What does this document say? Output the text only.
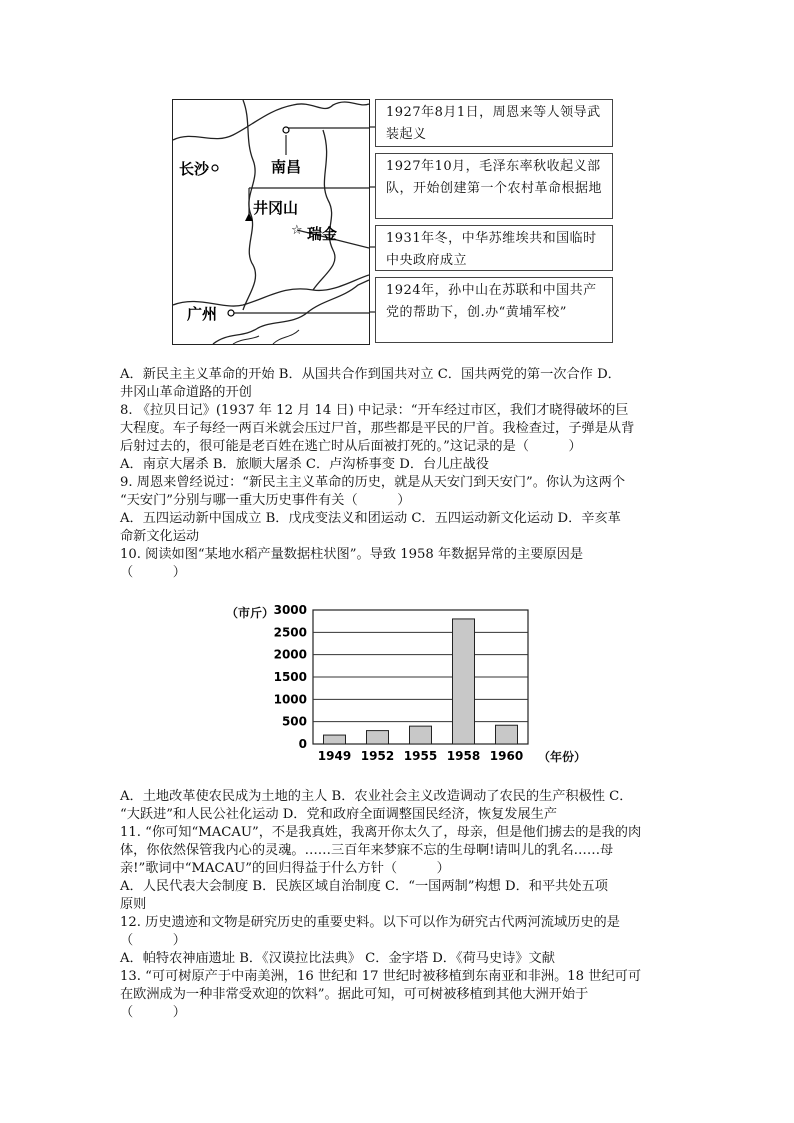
☆
长沙	南昌
井冈山
瑞金
广州
1927年8月1日，周恩来等人领导武装起义
1927年10月，毛泽东率秋收起义部队，开始创建第一个农村革命根据地
1931年冬，中华苏维埃共和国临时中央政府成立
1924年，孙中山在苏联和中国共产党的帮助下，创.办“黄埔军校”
A．新民主主义革命的开始 B．从国共合作到国共对立 C．国共两党的第一次合作 D．
井冈山革命道路的开创
8. 《拉贝日记》(1937 年 12 月 14 日) 中记录：“开车经过市区，我们才晓得破坏的巨
大程度。车子每经一两百米就会压过尸首，那些都是平民的尸首。我检查过，子弹是从背
后射过去的，很可能是老百姓在逃亡时从后面被打死的。”这记录的是（　　　）
A．南京大屠杀 B．旅顺大屠杀 C．卢沟桥事变 D．台儿庄战役
9. 周恩来曾经说过：“新民主主义革命的历史，就是从天安门到天安门”。你认为这两个
“天安门”分别与哪一重大历史事件有关（　　　）
A．五四运动新中国成立 B．戊戌变法义和团运动 C．五四运动新文化运动 D．辛亥革
命新文化运动
10. 阅读如图“某地水稻产量数据柱状图”。导致 1958 年数据异常的主要原因是
（　　　）
（市斤）
（年份）
0
500
1000
1500
2000
2500
3000
1949 1952 1955 1958 1960
A．土地改革使农民成为土地的主人 B．农业社会主义改造调动了农民的生产积极性 C．
“大跃进”和人民公社化运动 D．党和政府全面调整国民经济，恢复发展生产
11. “你可知“MACAU”，不是我真姓，我离开你太久了，母亲，但是他们掳去的是我的肉
体，你依然保管我内心的灵魂。……三百年来梦寐不忘的生母啊!请叫儿的乳名……母
亲!”歌词中“MACAU”的回归得益于什么方针（　　　）
A．人民代表大会制度 B．民族区域自治制度 C．“一国两制”构想 D．和平共处五项
原则
12. 历史遗迹和文物是研究历史的重要史料。以下可以作为研究古代两河流域历史的是
（　　　）
A．帕特农神庙遗址 B．《汉谟拉比法典》 C．金字塔 D．《荷马史诗》文献
13. “可可树原产于中南美洲，16 世纪和 17 世纪时被移植到东南亚和非洲。18 世纪可可
在欧洲成为一种非常受欢迎的饮料”。据此可知，可可树被移植到其他大洲开始于
（　　　）
